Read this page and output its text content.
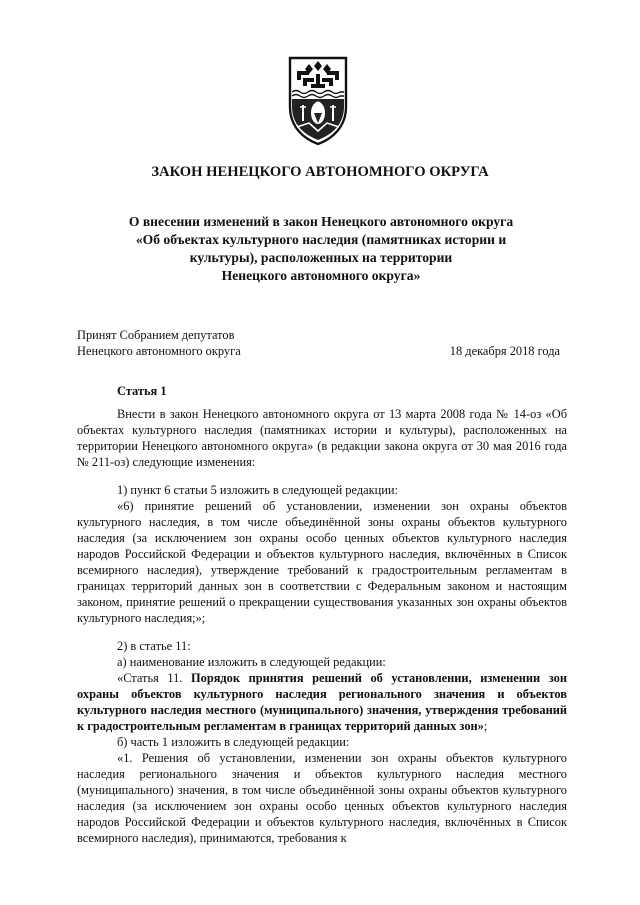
ЗАКОН НЕНЕЦКОГО АВТОНОМНОГО ОКРУГА
О внесении изменений в закон Ненецкого автономного округа
«Об объектах культурного наследия (памятниках истории и
культуры), расположенных на территории
Ненецкого автономного округа»
Принят Собранием депутатов
Ненецкого автономного округа	18 декабря 2018 года
Статья 1

Внести в закон Ненецкого автономного округа от 13 марта 2008 года № 14-оз «Об объектах культурного наследия (памятниках истории и культуры), расположенных на территории Ненецкого автономного округа» (в редакции закона округа от 30 мая 2016 года № 211-оз) следующие изменения:

1) пункт 6 статьи 5 изложить в следующей редакции:

«6) принятие решений об установлении, изменении зон охраны объектов культурного наследия, в том числе объединённой зоны охраны объектов культурного наследия (за исключением зон охраны особо ценных объектов культурного наследия народов Российской Федерации и объектов культурного наследия, включённых в Список всемирного наследия), утверждение требований к градостроительным регламентам в границах территорий данных зон в соответствии с Федеральным законом и настоящим законом, принятие решений о прекращении существования указанных зон охраны объектов культурного наследия;»;

2) в статье 11:

а) наименование изложить в следующей редакции:

«Статья 11. Порядок принятия решений об установлении, изменении зон охраны объектов культурного наследия регионального значения и объектов культурного наследия местного (муниципального) значения, утверждения требований к градостроительным регламентам в границах территорий данных зон»;

б) часть 1 изложить в следующей редакции:

«1. Решения об установлении, изменении зон охраны объектов культурного наследия регионального значения и объектов культурного наследия местного (муниципального) значения, в том числе объединённой зоны охраны объектов культурного наследия (за исключением зон охраны особо ценных объектов культурного наследия народов Российской Федерации и объектов культурного наследия, включённых в Список всемирного наследия), принимаются, требования к
